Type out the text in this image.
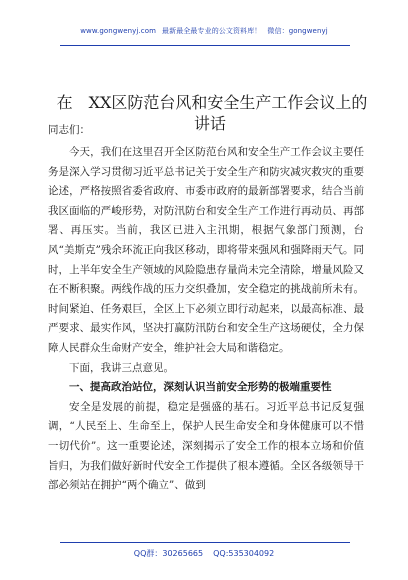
www.gongwenyj.com 最新最全最专业的公文资料库！ 微信：gongwenyj
在　XX区防范台风和安全生产工作会议上的
讲话
同志们：

今天，我们在这里召开全区防范台风和安全生产工作会议主要任务是深入学习贯彻习近平总书记关于安全生产和防灾减灾救灾的重要论述，严格按照省委省政府、市委市政府的最新部署要求，结合当前我区面临的严峻形势，对防汛防台和安全生产工作进行再动员、再部署、再压实。当前，我区已进入主汛期，根据气象部门预测，台风“美斯克”残余环流正向我区移动，即将带来强风和强降雨天气。同时，上半年安全生产领域的风险隐患存量尚未完全清除，增量风险又在不断积聚。两线作战的压力交织叠加，安全稳定的挑战前所未有。时间紧迫、任务艰巨，全区上下必须立即行动起来，以最高标准、最严要求、最实作风，坚决打赢防汛防台和安全生产这场硬仗，全力保障人民群众生命财产安全，维护社会大局和谐稳定。

下面，我讲三点意见。

一、提高政治站位，深刻认识当前安全形势的极端重要性

安全是发展的前提，稳定是强盛的基石。习近平总书记反复强调，“人民至上、生命至上，保护人民生命安全和身体健康可以不惜一切代价”。这一重要论述，深刻揭示了安全工作的根本立场和价值旨归，为我们做好新时代安全工作提供了根本遵循。全区各级领导干部必须站在拥护“两个确立”、做到

QQ群：30265665 QQ:535304092
